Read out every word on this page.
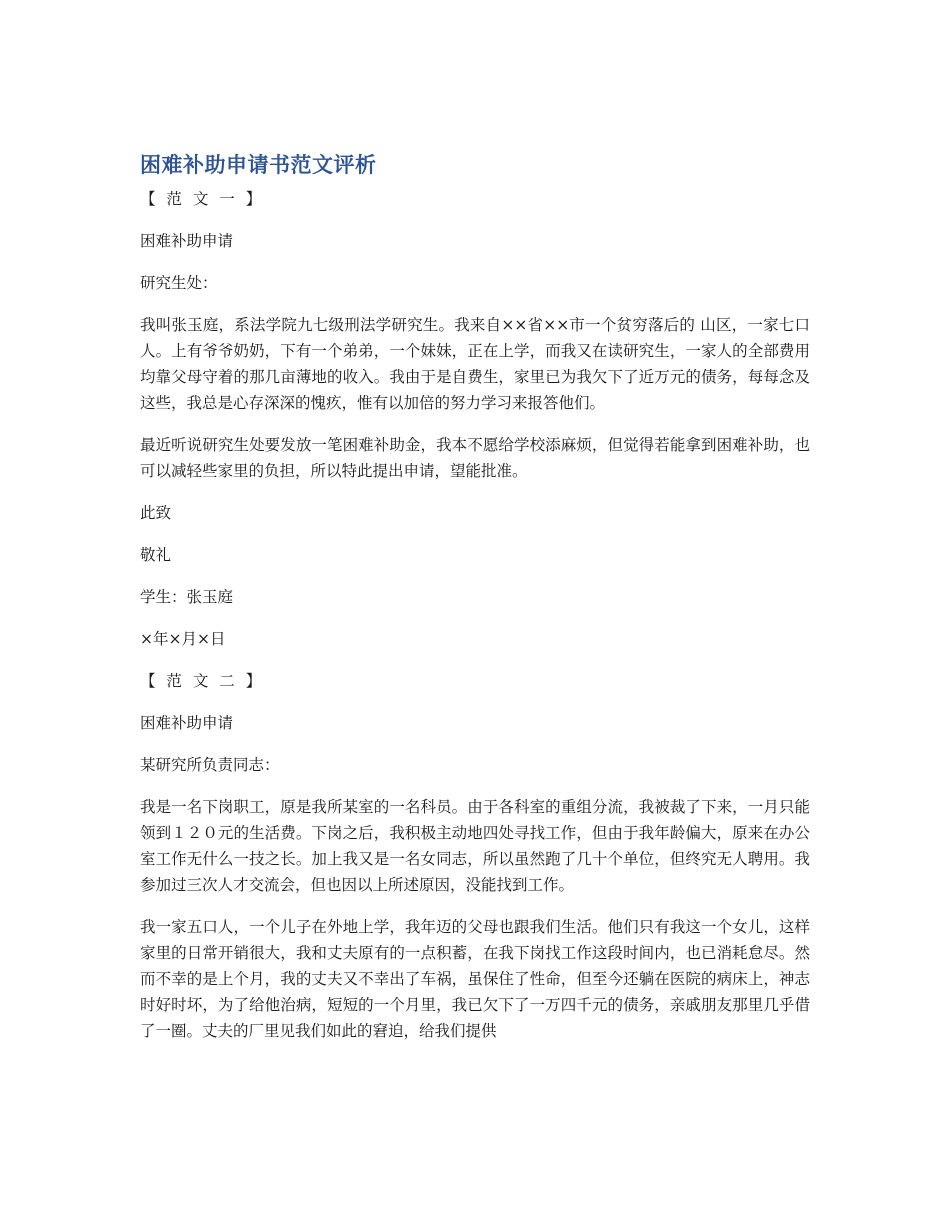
困难补助申请书范文评析
【 范 文 一 】

困难补助申请

研究生处：

我叫张玉庭，系法学院九七级刑法学研究生。我来自××省××市一个贫穷落后的 山区，一家七口人。上有爷爷奶奶，下有一个弟弟，一个妹妹，正在上学，而我又在读研究生，一家人的全部费用均靠父母守着的那几亩薄地的收入。我由于是自费生，家里已为我欠下了近万元的债务，每每念及这些，我总是心存深深的愧疚，惟有以加倍的努力学习来报答他们。

最近听说研究生处要发放一笔困难补助金，我本不愿给学校添麻烦，但觉得若能拿到困难补助，也可以减轻些家里的负担，所以特此提出申请，望能批准。

此致

敬礼

学生：张玉庭

×年×月×日

【 范 文 二 】

困难补助申请

某研究所负责同志：

我是一名下岗职工，原是我所某室的一名科员。由于各科室的重组分流，我被裁了下来，一月只能领到１２０元的生活费。下岗之后，我积极主动地四处寻找工作，但由于我年龄偏大，原来在办公室工作无什么一技之长。加上我又是一名女同志，所以虽然跑了几十个单位，但终究无人聘用。我参加过三次人才交流会，但也因以上所述原因，没能找到工作。

我一家五口人，一个儿子在外地上学，我年迈的父母也跟我们生活。他们只有我这一个女儿，这样家里的日常开销很大，我和丈夫原有的一点积蓄，在我下岗找工作这段时间内，也已消耗怠尽。然而不幸的是上个月，我的丈夫又不幸出了车祸，虽保住了性命，但至今还躺在医院的病床上，神志时好时坏，为了给他治病，短短的一个月里，我已欠下了一万四千元的债务，亲戚朋友那里几乎借了一圈。丈夫的厂里见我们如此的窘迫，给我们提供
